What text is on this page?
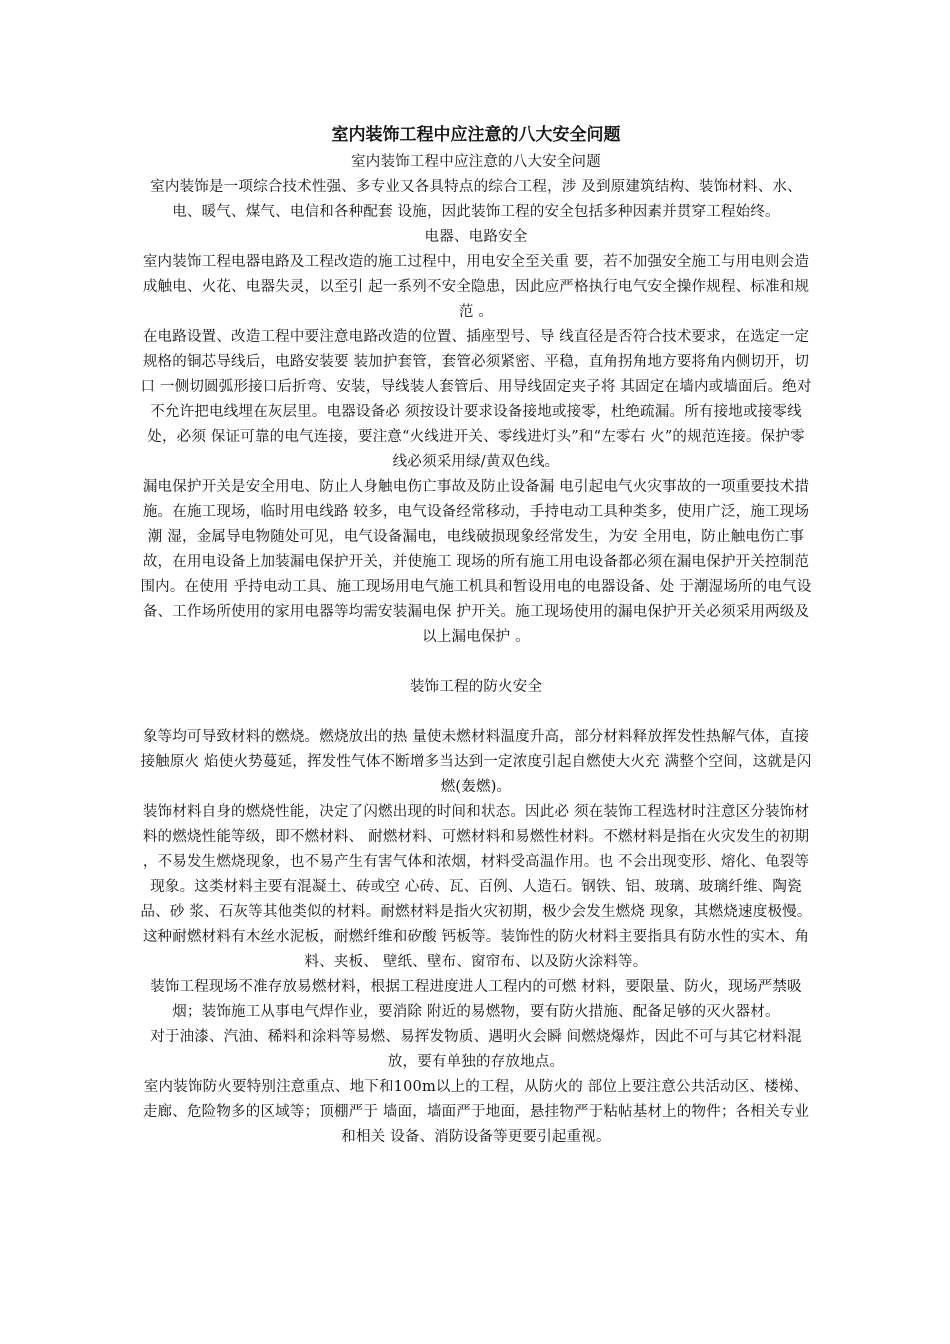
室内装饰工程中应注意的八大安全问题

室内装饰工程中应注意的八大安全问题

室内装饰是一项综合技术性强、多专业又各具特点的综合工程，涉 及到原建筑结构、装饰材料、水、电、暖气、煤气、电信和各种配套 设施，因此装饰工程的安全包括多种因素并贯穿工程始终。

电器、电路安全

室内装饰工程电器电路及工程改造的施工过程中，用电安全至关重 要，若不加强安全施工与用电则会造成触电、火花、电器失灵，以至引 起一系列不安全隐患，因此应严格执行电气安全操作规程、标准和规范 。

在电路设置、改造工程中要注意电路改造的位置、插座型号、导 线直径是否符合技术要求，在选定一定规格的铜芯导线后，电路安装要 装加护套管，套管必须紧密、平稳，直角拐角地方要将角内侧切开，切口 一侧切圆弧形接口后折弯、安装，导线装人套管后、用导线固定夹子将 其固定在墙内或墙面后。绝对不允许把电线埋在灰层里。电器设备必 须按设计要求设备接地或接零，杜绝疏漏。所有接地或接零线处，必须 保证可靠的电气连接，要注意“火线进开关、零线进灯头”和“左零右 火”的规范连接。保护零线必须采用绿/黄双色线。

漏电保护开关是安全用电、防止人身触电伤亡事故及防止设备漏 电引起电气火灾事故的一项重要技术措施。在施工现场，临时用电线路 较多，电气设备经常移动，手持电动工具种类多，使用广泛，施工现场潮 湿，金属导电物随处可见，电气设备漏电，电线破损现象经常发生，为安 全用电，防止触电伤亡事故，在用电设备上加装漏电保护开关，并使施工 现场的所有施工用电设备都必须在漏电保护开关控制范围内。在使用 乎持电动工具、施工现场用电气施工机具和暂设用电的电器设备、处 于潮湿场所的电气设备、工作场所使用的家用电器等均需安装漏电保 护开关。施工现场使用的漏电保护开关必须采用两级及以上漏电保护 。

装饰工程的防火安全

象等均可导致材料的燃烧。燃烧放出的热 量使未燃材料温度升高，部分材料释放挥发性热解气体，直接接触原火 焰使火势蔓延，挥发性气体不断增多当达到一定浓度引起自燃使大火充 满整个空间，这就是闪燃(轰燃)。

装饰材料自身的燃烧性能，决定了闪燃出现的时间和状态。因此必 须在装饰工程选材时注意区分装饰材料的燃烧性能等级，即不燃材料、 耐燃材料、可燃材料和易燃性材料。不燃材料是指在火灾发生的初期 ，不易发生燃烧现象，也不易产生有害气体和浓烟，材料受高温作用。也 不会出现变形、熔化、龟裂等现象。这类材料主要有混凝土、砖或空 心砖、瓦、百例、人造石。钢铁、铝、玻璃、玻璃纤维、陶瓷品、砂 浆、石灰等其他类似的材料。耐燃材料是指火灾初期，极少会发生燃烧 现象，其燃烧速度极慢。这种耐燃材料有木丝水泥板，耐燃纤维和矽酸 钙板等。装饰性的防火材料主要指具有防水性的实木、角料、夹板、 壁纸、壁布、窗帘布、以及防火涂料等。

装饰工程现场不准存放易燃材料，根据工程进度进人工程内的可燃 材料，要限量、防火，现场严禁吸烟；装饰施工从事电气焊作业，要消除 附近的易燃物，要有防火措施、配备足够的灭火器材。

对于油漆、汽油、稀料和涂料等易燃、易挥发物质、遇明火会瞬 间燃烧爆炸，因此不可与其它材料混放，要有单独的存放地点。

室内装饰防火要特别注意重点、地下和100m以上的工程，从防火的 部位上要注意公共活动区、楼梯、走廊、危险物多的区域等；顶棚严于 墙面，墙面严于地面，悬挂物严于粘帖基材上的物件；各相关专业和相关 设备、消防设备等更要引起重视。
